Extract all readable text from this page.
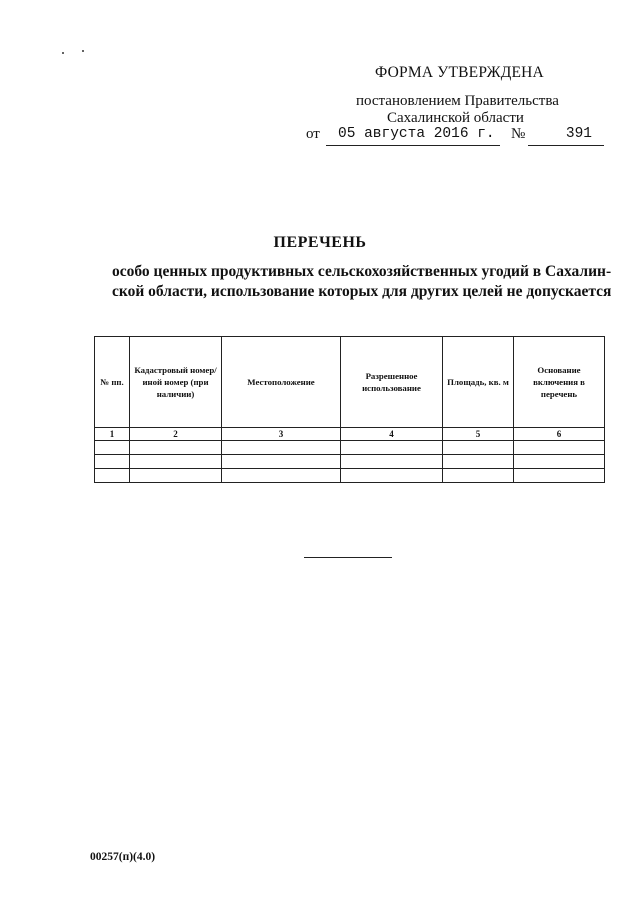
ФОРМА УТВЕРЖДЕНА
постановлением Правительства
Сахалинской области
от	05 августа 2016 г.	№	391
ПЕРЕЧЕНЬ
особо ценных продуктивных сельскохозяйственных угодий в Сахалин-
ской области, использование которых для других целей не допускается
№ пп.	Кадастровый номер/иной номер (при наличии)	Местоположение	Разрешенное использование	Площадь, кв. м	Основание включения в перечень
1	2	3	4	5	6

00257(п)(4.0)
